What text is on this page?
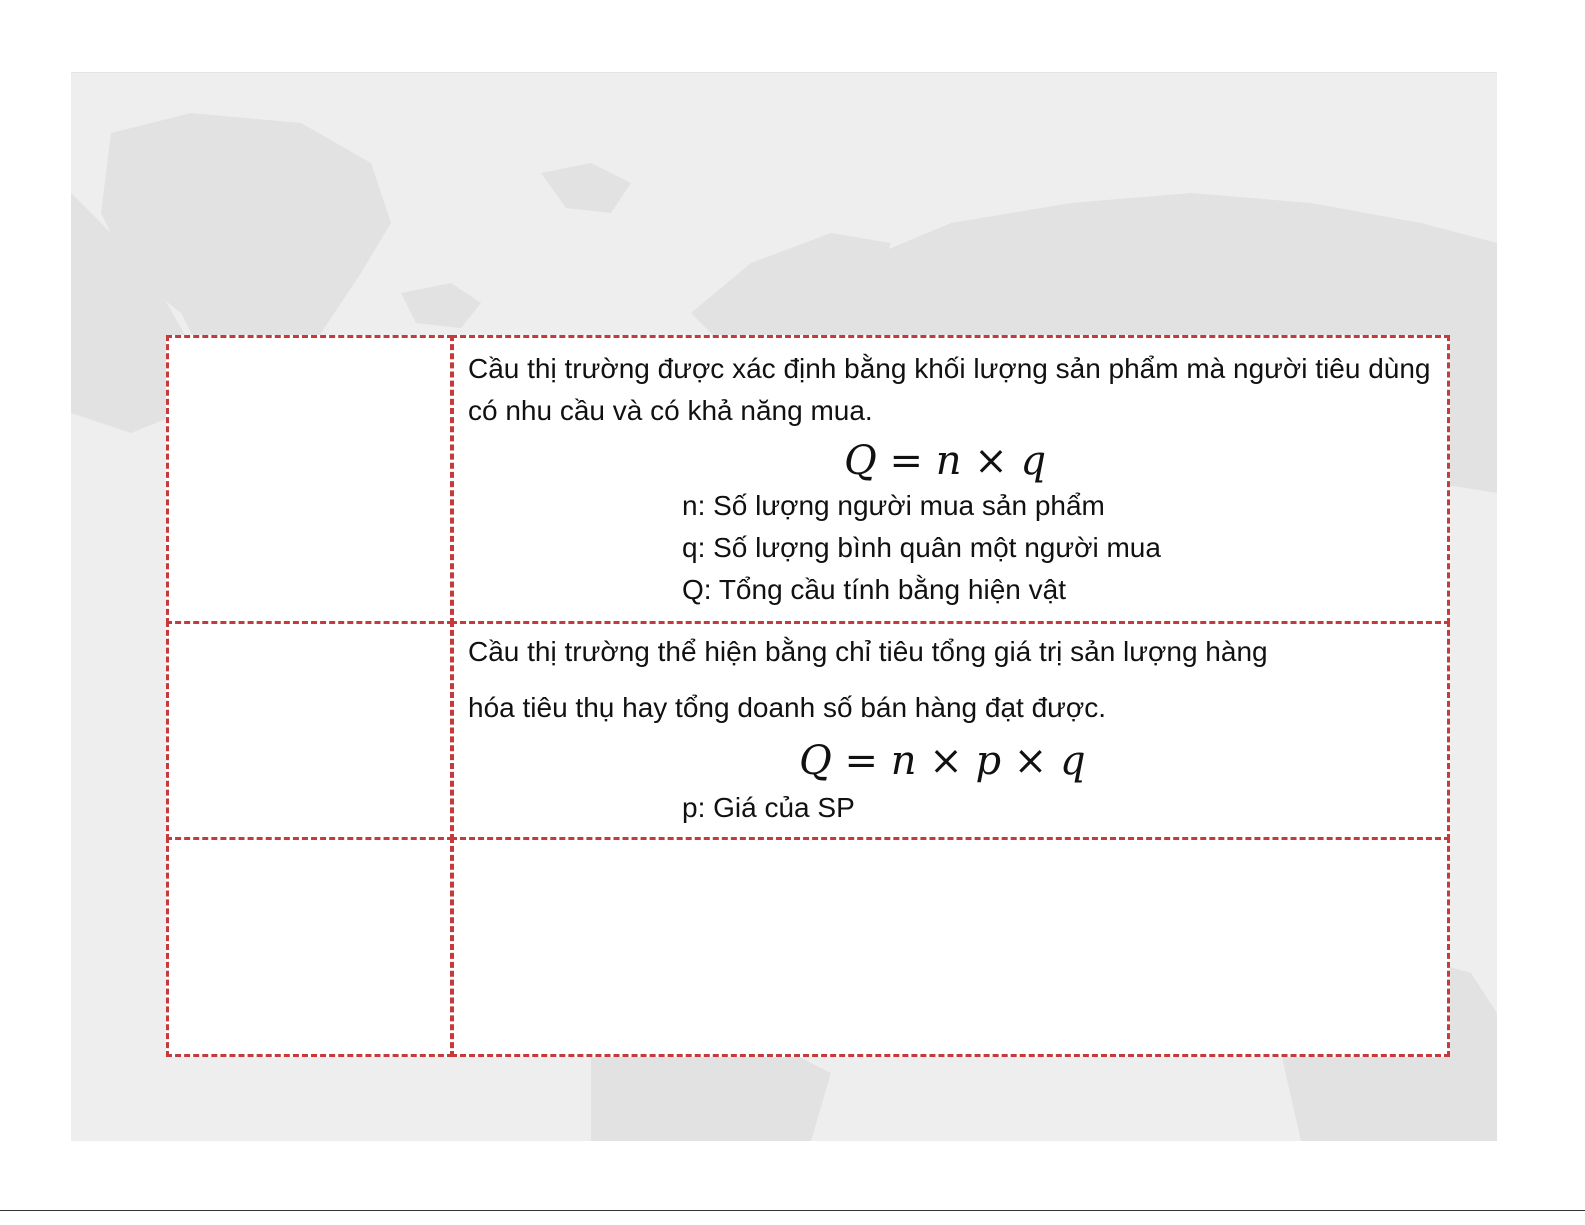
Cầu thị trường được xác định bằng khối lượng sản phẩm mà người tiêu dùng có nhu cầu và có khả năng mua.
Q = n × q
n: Số lượng người mua sản phẩm
q: Số lượng bình quân một người mua
Q: Tổng cầu tính bằng hiện vật
Cầu thị trường thể hiện bằng chỉ tiêu tổng giá trị sản lượng hàng
hóa tiêu thụ hay tổng doanh số bán hàng đạt được.
Q = n × p × q
p: Giá của SP
